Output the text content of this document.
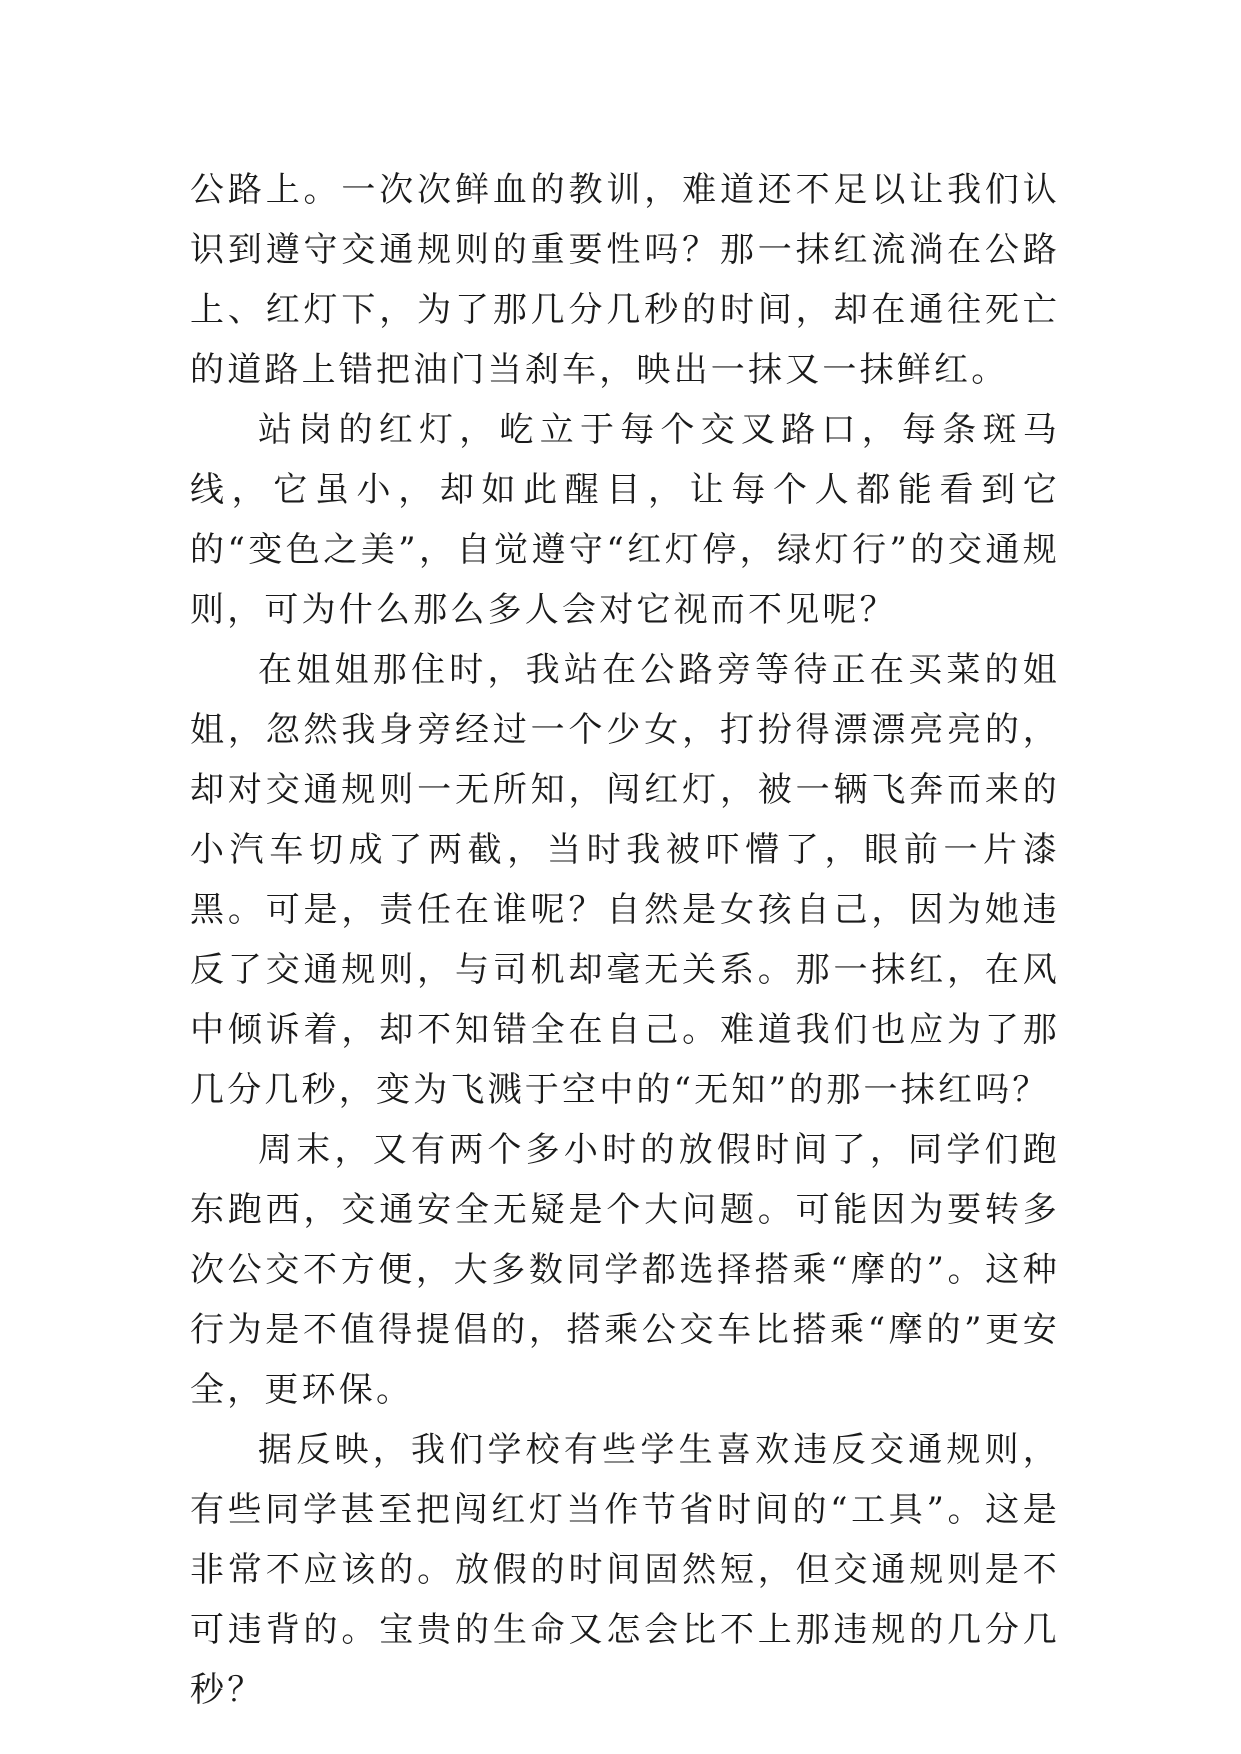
公路上。一次次鲜血的教训，难道还不足以让我们认识到遵守交通规则的重要性吗？那一抹红流淌在公路上、红灯下，为了那几分几秒的时间，却在通往死亡的道路上错把油门当刹车，映出一抹又一抹鲜红。

站岗的红灯，屹立于每个交叉路口，每条斑马线，它虽小，却如此醒目，让每个人都能看到它的“变色之美”，自觉遵守“红灯停，绿灯行”的交通规则，可为什么那么多人会对它视而不见呢？

在姐姐那住时，我站在公路旁等待正在买菜的姐姐，忽然我身旁经过一个少女，打扮得漂漂亮亮的，却对交通规则一无所知，闯红灯，被一辆飞奔而来的小汽车切成了两截，当时我被吓懵了，眼前一片漆黑。可是，责任在谁呢？自然是女孩自己，因为她违反了交通规则，与司机却毫无关系。那一抹红，在风中倾诉着，却不知错全在自己。难道我们也应为了那几分几秒，变为飞溅于空中的“无知”的那一抹红吗？

周末，又有两个多小时的放假时间了，同学们跑东跑西，交通安全无疑是个大问题。可能因为要转多次公交不方便，大多数同学都选择搭乘“摩的”。这种行为是不值得提倡的，搭乘公交车比搭乘“摩的”更安全，更环保。

据反映，我们学校有些学生喜欢违反交通规则，有些同学甚至把闯红灯当作节省时间的“工具”。这是非常不应该的。放假的时间固然短，但交通规则是不可违背的。宝贵的生命又怎会比不上那违规的几分几秒？
